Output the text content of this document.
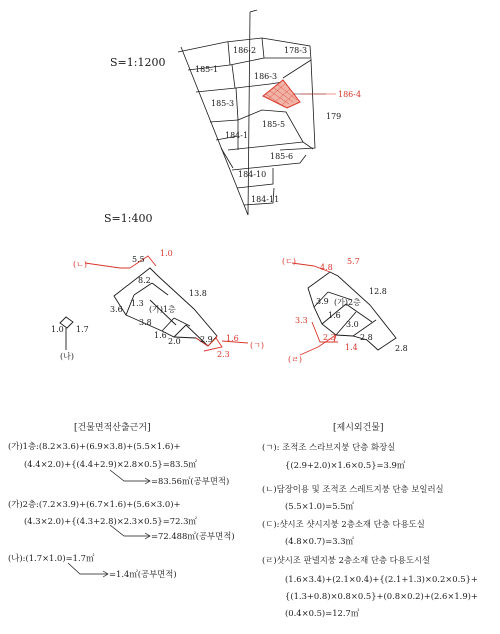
S=1:1200
186-2	178-3
185-1
186-3
185-3
186-4
179
184-1
185-5
185-6
184-10
184-11
S=1:400
(ㄴ)
5.5
1.0
8.2
13.8
3.6
1.3
(가)1층
3.8
1.6
2.0 2.9 1.6
2.3
(ㄱ)
1.0 1.7
(나)
(ㄷ)
4.8
5.7
12.8
3.9 (가)2층
1.6
3.3	3.0
2.3	2.8
1.4	2.8
(ㄹ)
[건물면적산출근거]
(가)1층:(8.2×3.6)+(6.9×3.8)+(5.5×1.6)+
(4.4×2.0)+{(4.4+2.9)×2.8×0.5}=83.5㎡
=83.56㎡(공부면적)
(가)2층:(7.2×3.9)+(6.7×1.6)+(5.6×3.0)+
(4.3×2.0)+{(4.3+2.8)×2.3×0.5}=72.3㎡
=72.488㎡(공부면적)
(나):(1.7×1.0)=1.7㎡
=1.4㎡(공부면적)
[제시외건물]
(ㄱ): 조적조 스라브지붕 단층 화장실
{(2.9+2.0)×1.6×0.5}=3.9㎡
(ㄴ)담장이용 및 조적조 스레트지붕 단층 보일러실
(5.5×1.0)=5.5㎡
(ㄷ):샷시조 샷시지붕 2층소재 단층 다용도실
(4.8×0.7)=3.3㎡
(ㄹ)샷시조 판넬지붕 2층소재 단층 다용도시설
(1.6×3.4)+(2.1×0.4)+{(2.1+1.3)×0.2×0.5}+
{(1.3+0.8)×0.8×0.5}+(0.8×0.2)+(2.6×1.9)+
(0.4×0.5)=12.7㎡
